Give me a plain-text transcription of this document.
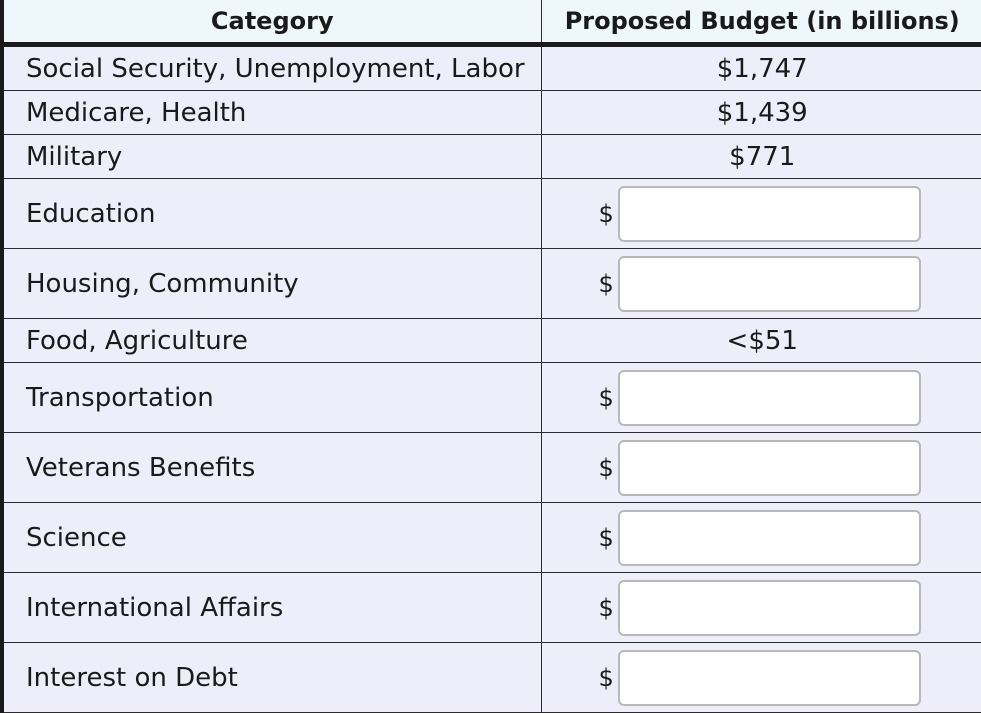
Category	Proposed Budget (in billions)
Social Security, Unemployment, Labor	$1,747
Medicare, Health	$1,439
Military	$771
Education	$

Housing, Community	$

Food, Agriculture	<$51
Transportation	$

Veterans Benefits	$

Science	$

International Affairs	$

Interest on Debt	$
